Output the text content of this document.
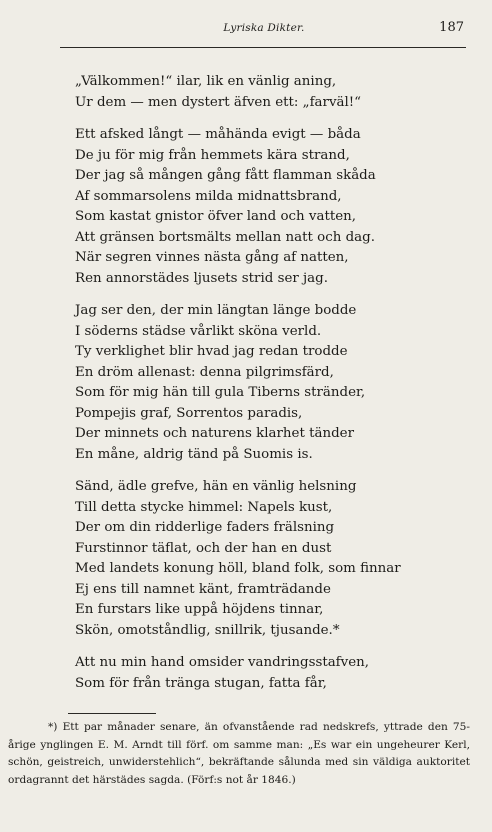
Lyriska Dikter.	187
„Välkommen!“ ilar, lik en vänlig aning,
Ur dem — men dystert äfven ett: „farväl!“
Ett afsked långt — måhända evigt — båda
De ju för mig från hemmets kära strand,
Der jag så mången gång fått flamman skåda
Af sommarsolens milda midnattsbrand,
Som kastat gnistor öfver land och vatten,
Att gränsen bortsmälts mellan natt och dag.
När segren vinnes nästa gång af natten,
Ren annorstädes ljusets strid ser jag.
Jag ser den, der min längtan länge bodde
I söderns städse vårlikt sköna verld.
Ty verklighet blir hvad jag redan trodde
En dröm allenast: denna pilgrimsfärd,
Som för mig hän till gula Tiberns stränder,
Pompejis graf, Sorrentos paradis,
Der minnets och naturens klarhet tänder
En måne, aldrig tänd på Suomis is.
Sänd, ädle grefve, hän en vänlig helsning
Till detta stycke himmel: Napels kust,
Der om din ridderlige faders frälsning
Furstinnor täflat, och der han en dust
Med landets konung höll, bland folk, som finnar
Ej ens till namnet känt, framträdande
En furstars like uppå höjdens tinnar,
Skön, omotståndlig, snillrik, tjusande.*
Att nu min hand omsider vandringsstafven,
Som för från tränga stugan, fatta får,

*) Ett par månader senare, än ofvanstående rad nedskrefs, yttrade den 75-årige ynglingen E. M. Arndt till förf. om samme man: „Es war ein ungeheurer Kerl, schön, geistreich, unwiderstehlich“, bekräftande sålunda med sin väldiga auktoritet ordagrannt det härstädes sagda. (Förf:s not år 1846.)
